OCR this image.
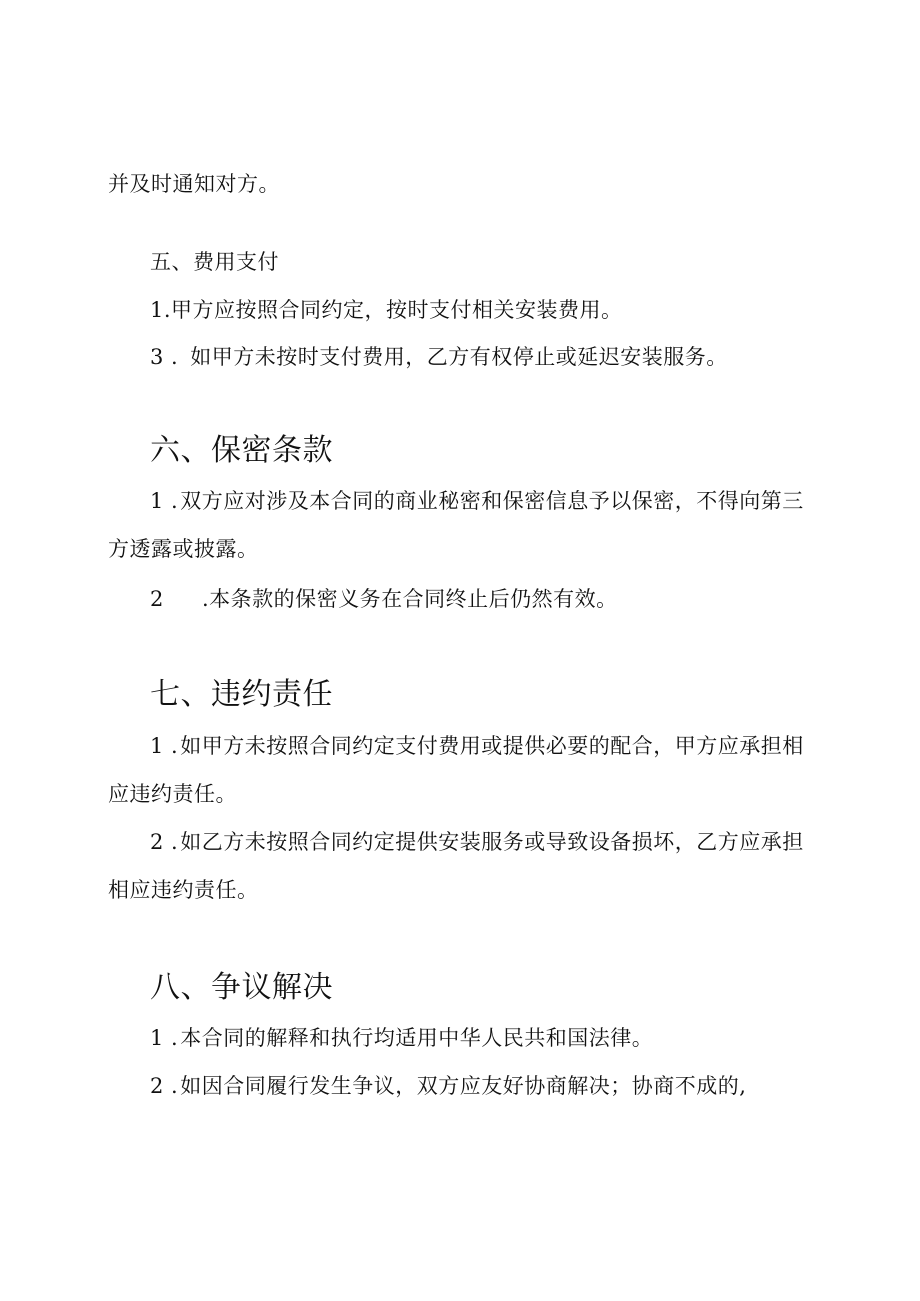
并及时通知对方。
五、费用支付
1.甲方应按照合同约定，按时支付相关安装费用。
3 . 如甲方未按时支付费用，乙方有权停止或延迟安装服务。
六、保密条款
1 .双方应对涉及本合同的商业秘密和保密信息予以保密，不得向第三
方透露或披露。
2 .本条款的保密义务在合同终止后仍然有效。
七、违约责任
1 .如甲方未按照合同约定支付费用或提供必要的配合，甲方应承担相
应违约责任。
2 .如乙方未按照合同约定提供安装服务或导致设备损坏，乙方应承担
相应违约责任。
八、争议解决
1 .本合同的解释和执行均适用中华人民共和国法律。
2 .如因合同履行发生争议，双方应友好协商解决；协商不成的,
